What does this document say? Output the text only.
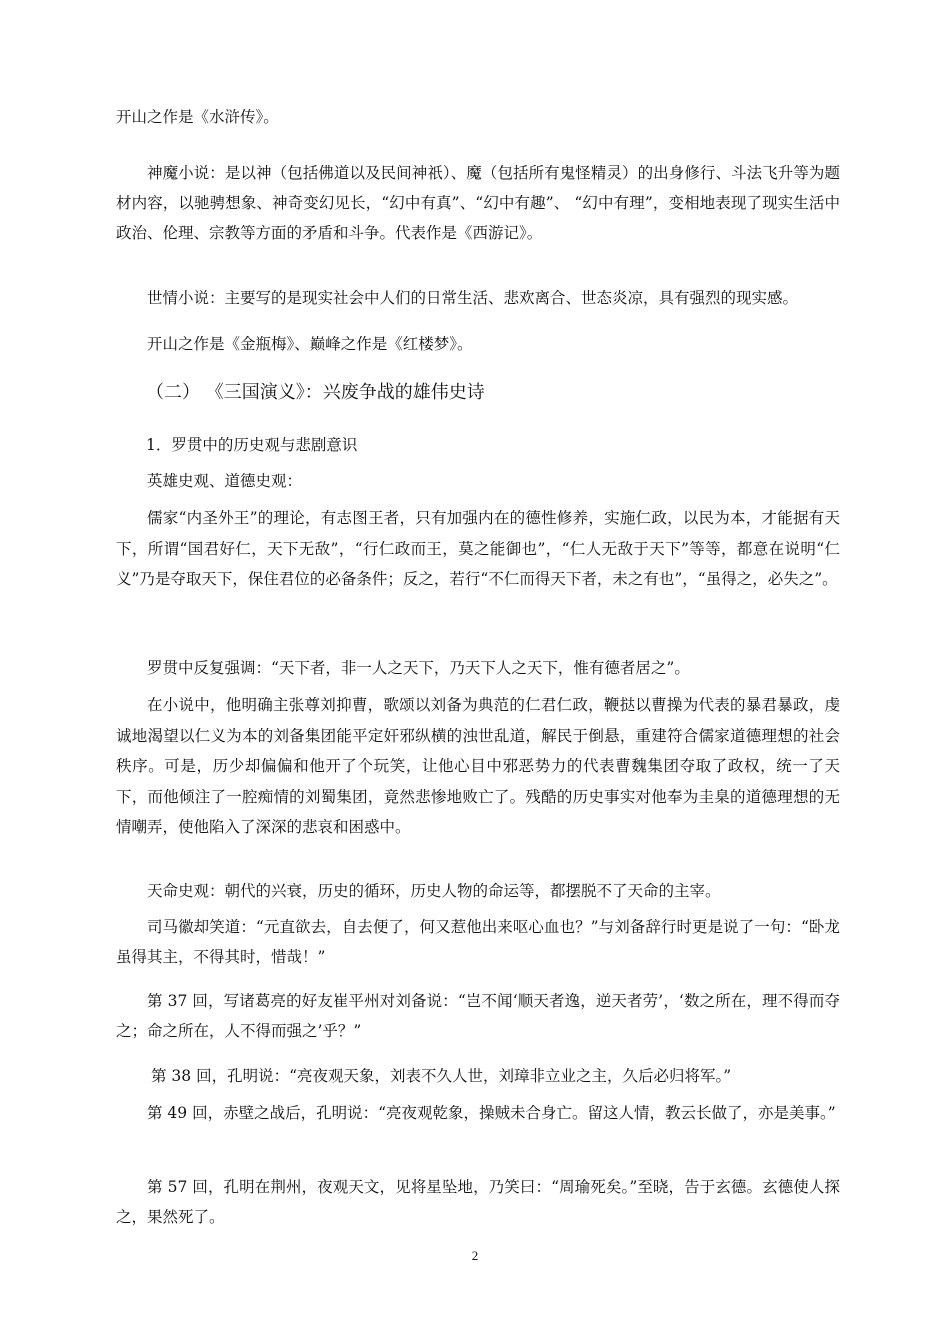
开山之作是《水浒传》。

神魔小说：是以神（包括佛道以及民间神祇）、魔（包括所有鬼怪精灵）的出身修行、斗法飞升等为题材内容，以驰骋想象、神奇变幻见长，“幻中有真”、“幻中有趣”、 “幻中有理”，变相地表现了现实生活中政治、伦理、宗教等方面的矛盾和斗争。代表作是《西游记》。

世情小说：主要写的是现实社会中人们的日常生活、悲欢离合、世态炎凉，具有强烈的现实感。

开山之作是《金瓶梅》、巅峰之作是《红楼梦》。

（二） 《三国演义》：兴废争战的雄伟史诗

1．罗贯中的历史观与悲剧意识

英雄史观、道德史观：

儒家“内圣外王”的理论，有志图王者，只有加强内在的德性修养，实施仁政，以民为本，才能据有天下，所谓“国君好仁，天下无敌”，“行仁政而王，莫之能御也”，“仁人无敌于天下”等等，都意在说明“仁义”乃是夺取天下，保住君位的必备条件；反之，若行“不仁而得天下者，未之有也”，“虽得之，必失之”。

罗贯中反复强调：“天下者，非一人之天下，乃天下人之天下，惟有德者居之”。

在小说中，他明确主张尊刘抑曹，歌颂以刘备为典范的仁君仁政，鞭挞以曹操为代表的暴君暴政，虔诚地渴望以仁义为本的刘备集团能平定奸邪纵横的浊世乱道，解民于倒悬，重建符合儒家道德理想的社会秩序。可是，历少却偏偏和他开了个玩笑，让他心目中邪恶势力的代表曹魏集团夺取了政权，统一了天下，而他倾注了一腔痴情的刘蜀集团，竟然悲惨地败亡了。残酷的历史事实对他奉为圭臬的道德理想的无情嘲弄，使他陷入了深深的悲哀和困惑中。

天命史观：朝代的兴衰，历史的循环，历史人物的命运等，都摆脱不了天命的主宰。

司马徽却笑道：“元直欲去，自去便了，何又惹他出来呕心血也？”与刘备辞行时更是说了一句：“卧龙虽得其主，不得其时，惜哉！”

第 37 回，写诸葛亮的好友崔平州对刘备说：“岂不闻‘顺天者逸，逆天者劳’，‘数之所在，理不得而夺之；命之所在，人不得而强之’乎？”

第 38 回，孔明说：“亮夜观天象，刘表不久人世，刘璋非立业之主，久后必归将军。”

第 49 回，赤壁之战后，孔明说：“亮夜观乾象，操贼未合身亡。留这人情，教云长做了，亦是美事。”

第 57 回，孔明在荆州，夜观天文，见将星坠地，乃笑曰：“周瑜死矣。”至晓，告于玄德。玄德使人探之，果然死了。

2
